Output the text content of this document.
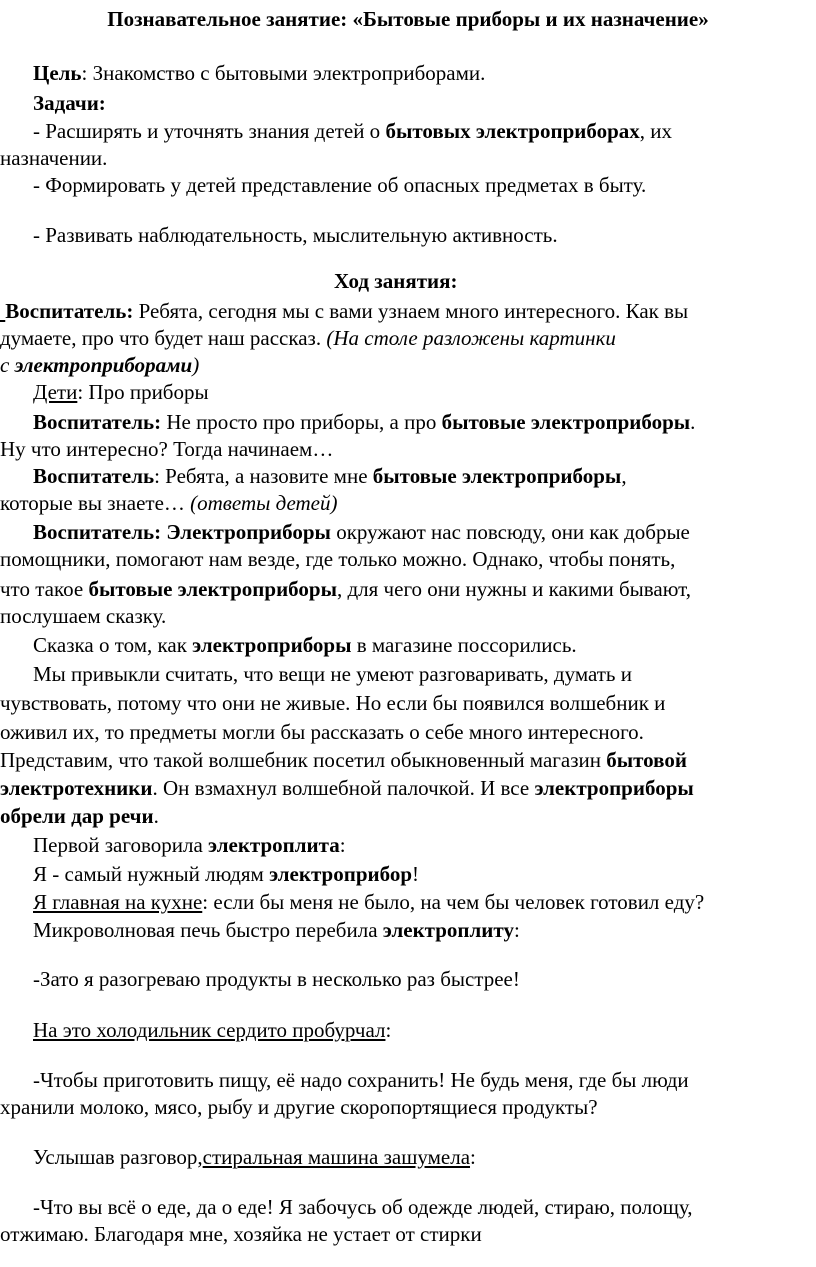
Познавательное занятие: «Бытовые приборы и их назначение»
Цель: Знакомство с бытовыми электроприборами.
Задачи:
- Расширять и уточнять знания детей о бытовых электроприборах, их
назначении.
- Формировать у детей представление об опасных предметах в быту.
- Развивать наблюдательность, мыслительную активность.
Ход занятия:
Воспитатель: Ребята, сегодня мы с вами узнаем много интересного. Как вы
думаете, про что будет наш рассказ. (На столе разложены картинки
с электроприборами)
Дети: Про приборы
Воспитатель: Не просто про приборы, а про бытовые электроприборы.
Ну что интересно? Тогда начинаем…
Воспитатель: Ребята, а назовите мне бытовые электроприборы,
которые вы знаете… (ответы детей)
Воспитатель: Электроприборы окружают нас повсюду, они как добрые
помощники, помогают нам везде, где только можно. Однако, чтобы понять,
что такое бытовые электроприборы, для чего они нужны и какими бывают,
послушаем сказку.
Сказка о том, как электроприборы в магазине поссорились.
Мы привыкли считать, что вещи не умеют разговаривать, думать и
чувствовать, потому что они не живые. Но если бы появился волшебник и
оживил их, то предметы могли бы рассказать о себе много интересного.
Представим, что такой волшебник посетил обыкновенный магазин бытовой
электротехники. Он взмахнул волшебной палочкой. И все электроприборы
обрели дар речи.
Первой заговорила электроплита:
Я - самый нужный людям электроприбор!
Я главная на кухне: если бы меня не было, на чем бы человек готовил еду?
Микроволновая печь быстро перебила электроплиту:
-Зато я разогреваю продукты в несколько раз быстрее!
На это холодильник сердито пробурчал:
-Чтобы приготовить пищу, её надо сохранить! Не будь меня, где бы люди
хранили молоко, мясо, рыбу и другие скоропортящиеся продукты?
Услышав разговор,стиральная машина зашумела:
-Что вы всё о еде, да о еде! Я забочусь об одежде людей, стираю, полощу,
отжимаю. Благодаря мне, хозяйка не устает от стирки
